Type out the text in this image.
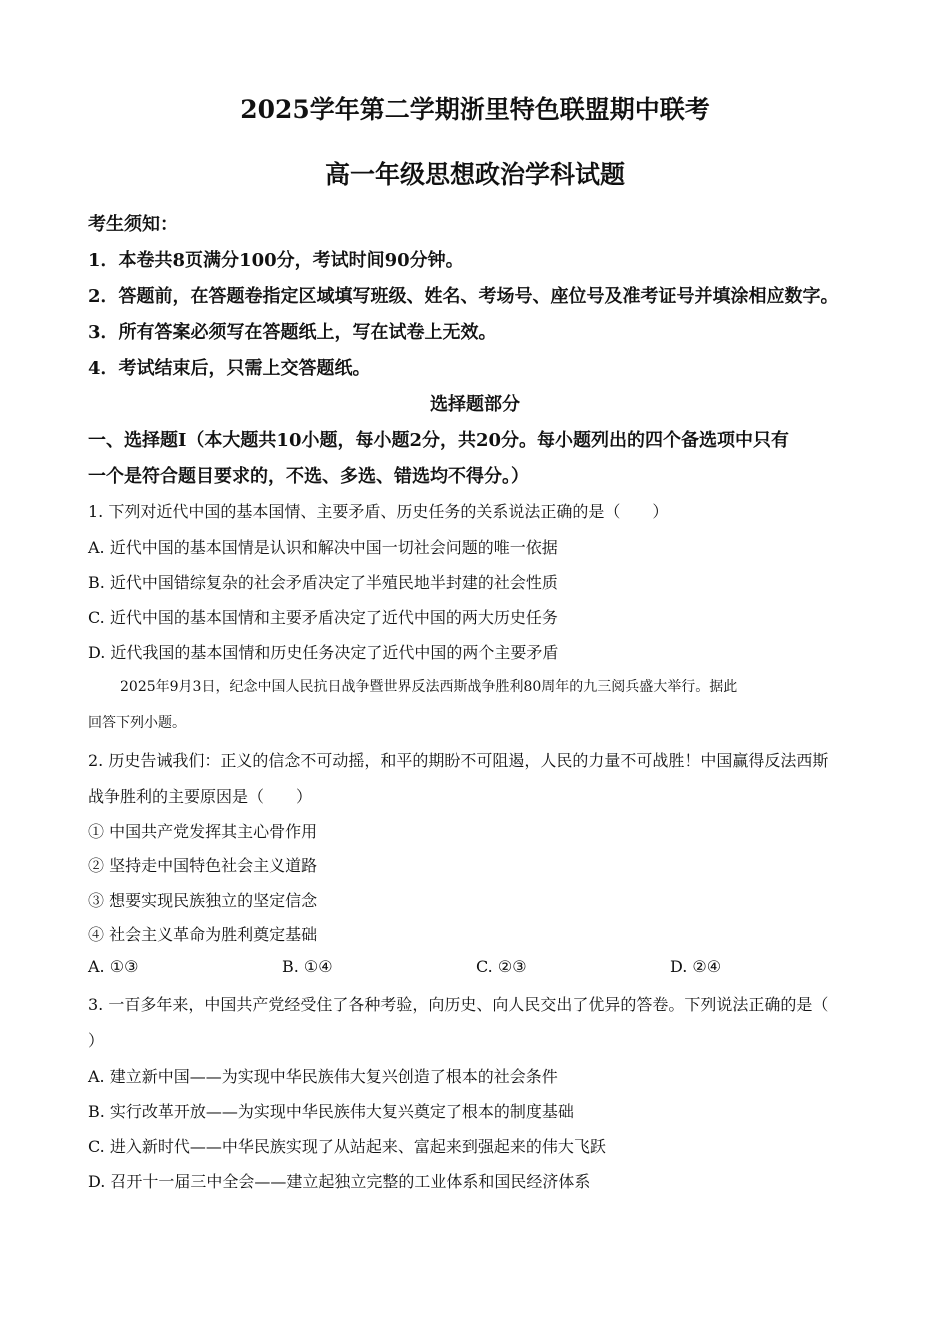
2025学年第二学期浙里特色联盟期中联考
高一年级思想政治学科试题
考生须知：
1．本卷共8页满分100分，考试时间90分钟。
2．答题前，在答题卷指定区域填写班级、姓名、考场号、座位号及准考证号并填涂相应数字。
3．所有答案必须写在答题纸上，写在试卷上无效。
4．考试结束后，只需上交答题纸。
选择题部分
一、选择题Ⅰ（本大题共10小题，每小题2分，共20分。每小题列出的四个备选项中只有
一个是符合题目要求的，不选、多选、错选均不得分。）
1. 下列对近代中国的基本国情、主要矛盾、历史任务的关系说法正确的是（　　）
A. 近代中国的基本国情是认识和解决中国一切社会问题的唯一依据
B. 近代中国错综复杂的社会矛盾决定了半殖民地半封建的社会性质
C. 近代中国的基本国情和主要矛盾决定了近代中国的两大历史任务
D. 近代我国的基本国情和历史任务决定了近代中国的两个主要矛盾
2025年9月3日，纪念中国人民抗日战争暨世界反法西斯战争胜利80周年的九三阅兵盛大举行。据此
回答下列小题。
2. 历史告诫我们：正义的信念不可动摇，和平的期盼不可阻遏，人民的力量不可战胜！中国赢得反法西斯
战争胜利的主要原因是（　　）
① 中国共产党发挥其主心骨作用
② 坚持走中国特色社会主义道路
③ 想要实现民族独立的坚定信念
④ 社会主义革命为胜利奠定基础
A. ①③	B. ①④	C. ②③	D. ②④
3. 一百多年来，中国共产党经受住了各种考验，向历史、向人民交出了优异的答卷。下列说法正确的是（
）
A. 建立新中国——为实现中华民族伟大复兴创造了根本的社会条件
B. 实行改革开放——为实现中华民族伟大复兴奠定了根本的制度基础
C. 进入新时代——中华民族实现了从站起来、富起来到强起来的伟大飞跃
D. 召开十一届三中全会——建立起独立完整的工业体系和国民经济体系
